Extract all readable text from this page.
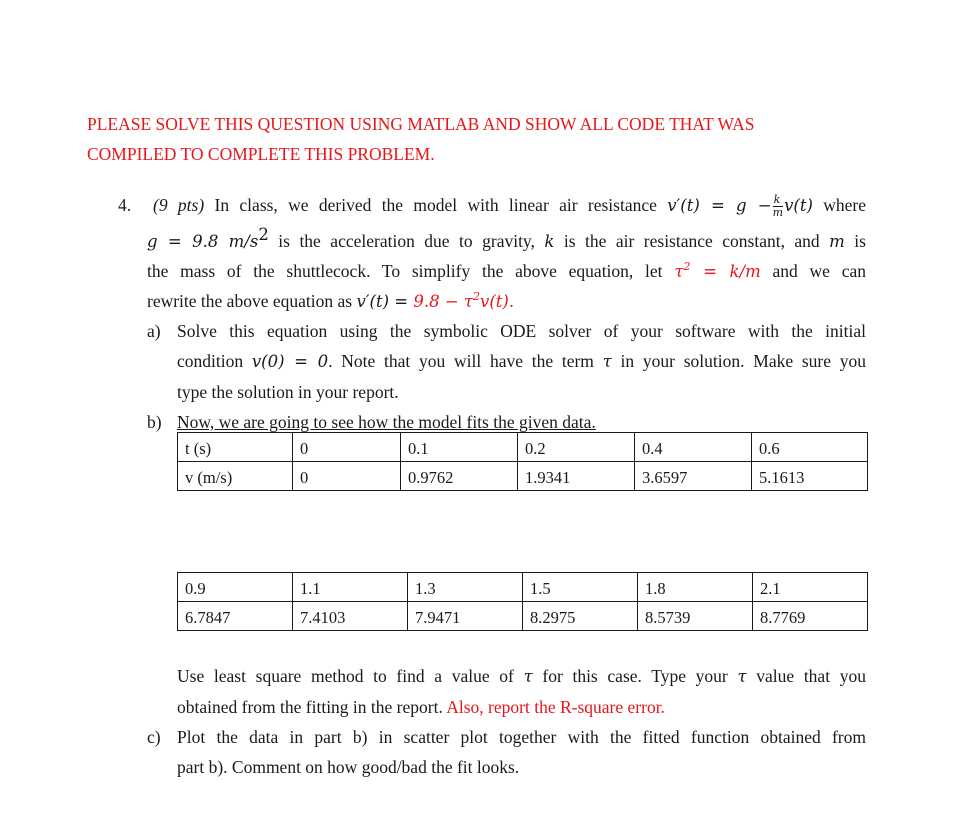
PLEASE SOLVE THIS QUESTION USING MATLAB AND SHOW ALL CODE THAT WAS
COMPILED TO COMPLETE THIS PROBLEM.
4. (9 pts) In class, we derived the model with linear air resistance $v'(t) = g - \frac{k}{m} v(t)$ where
g = 9.8 $m/s^2$ is the acceleration due to gravity, k is the air resistance constant, and m is
the mass of the shuttlecock. To simplify the above equation, let $\tau^2 = k/m$ and we can
rewrite the above equation as $v'(t) = 9.8 - \tau^2v(t)$.
a) Solve this equation using the symbolic ODE solver of your software with the initial
condition v(0) = 0. Note that you will have the term τ in your solution. Make sure you
type the solution in your report.
b) Now, we are going to see how the model fits the given data.
t (s)	0	0.1	0.2	0.4	0.6
v (m/s)	0	0.9762	1.9341	3.6597	5.1613
0.9	1.1	1.3	1.5	1.8	2.1
6.7847	7.4103	7.9471	8.2975	8.5739	8.7769
Use least square method to find a value of τ for this case. Type your τ value that you
obtained from the fitting in the report. Also, report the R-square error.
c) Plot the data in part b) in scatter plot together with the fitted function obtained from
part b). Comment on how good/bad the fit looks.
